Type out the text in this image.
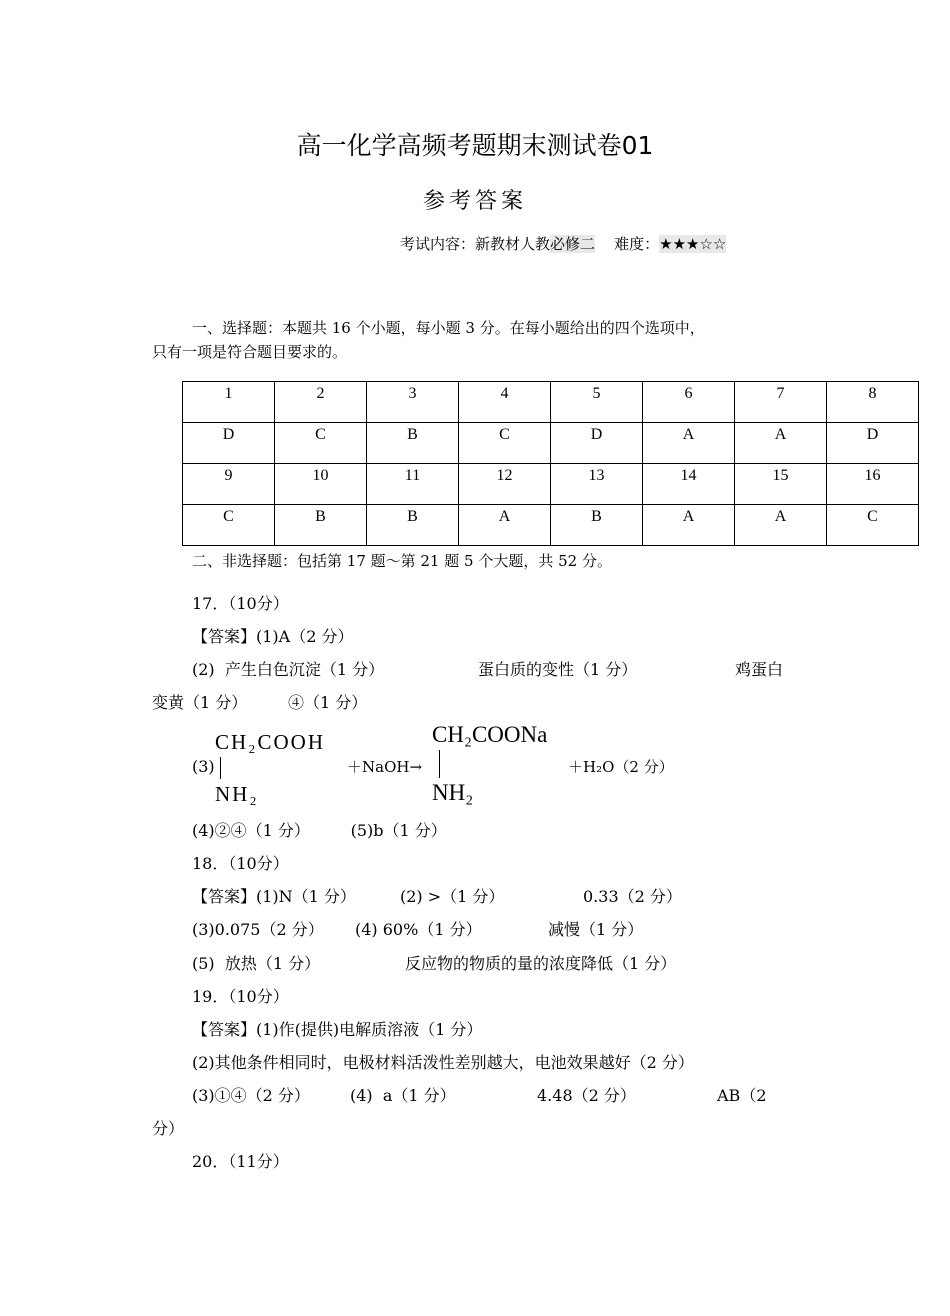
高一化学高频考题期末测试卷01
参考答案
考试内容：新教材人教必修二 难度：★★★☆☆
一、选择题：本题共 16 个小题，每小题 3 分。在每小题给出的四个选项中，
只有一项是符合题目要求的。
1	2	3	4	5	6	7	8
D	C	B	C	D	A	A	D
9	10	11	12	13	14	15	16
C	B	B	A	B	A	A	C
二、非选择题：包括第 17 题～第 21 题 5 个大题，共 52 分。
17．（10分）
【答案】(1)A（2 分）
(2)  产生白色沉淀（1 分）	蛋白质的变性（1 分）	鸡蛋白
变黄（1 分）        ④（1 分）
CH₂COOH
(3)
NH₂
＋NaOH→
CH₂COONa
NH₂
＋H₂O（2 分）
(4)②④（1 分）        (5)b（1 分）
18．（10分）
【答案】(1)N（1 分）	(2) >（1 分）	0.33（2 分）
(3)0.075（2 分） (4) 60%（1 分）	减慢（1 分）
(5)  放热（1 分）	反应物的物质的量的浓度降低（1 分）
19．（10分）
【答案】(1)作(提供)电解质溶液（1 分）
(2)其他条件相同时，电极材料活泼性差别越大，电池效果越好（2 分）
(3)①④（2 分）	(4)  a（1 分）	4.48（2 分）	AB（2
分）
20．（11分）
